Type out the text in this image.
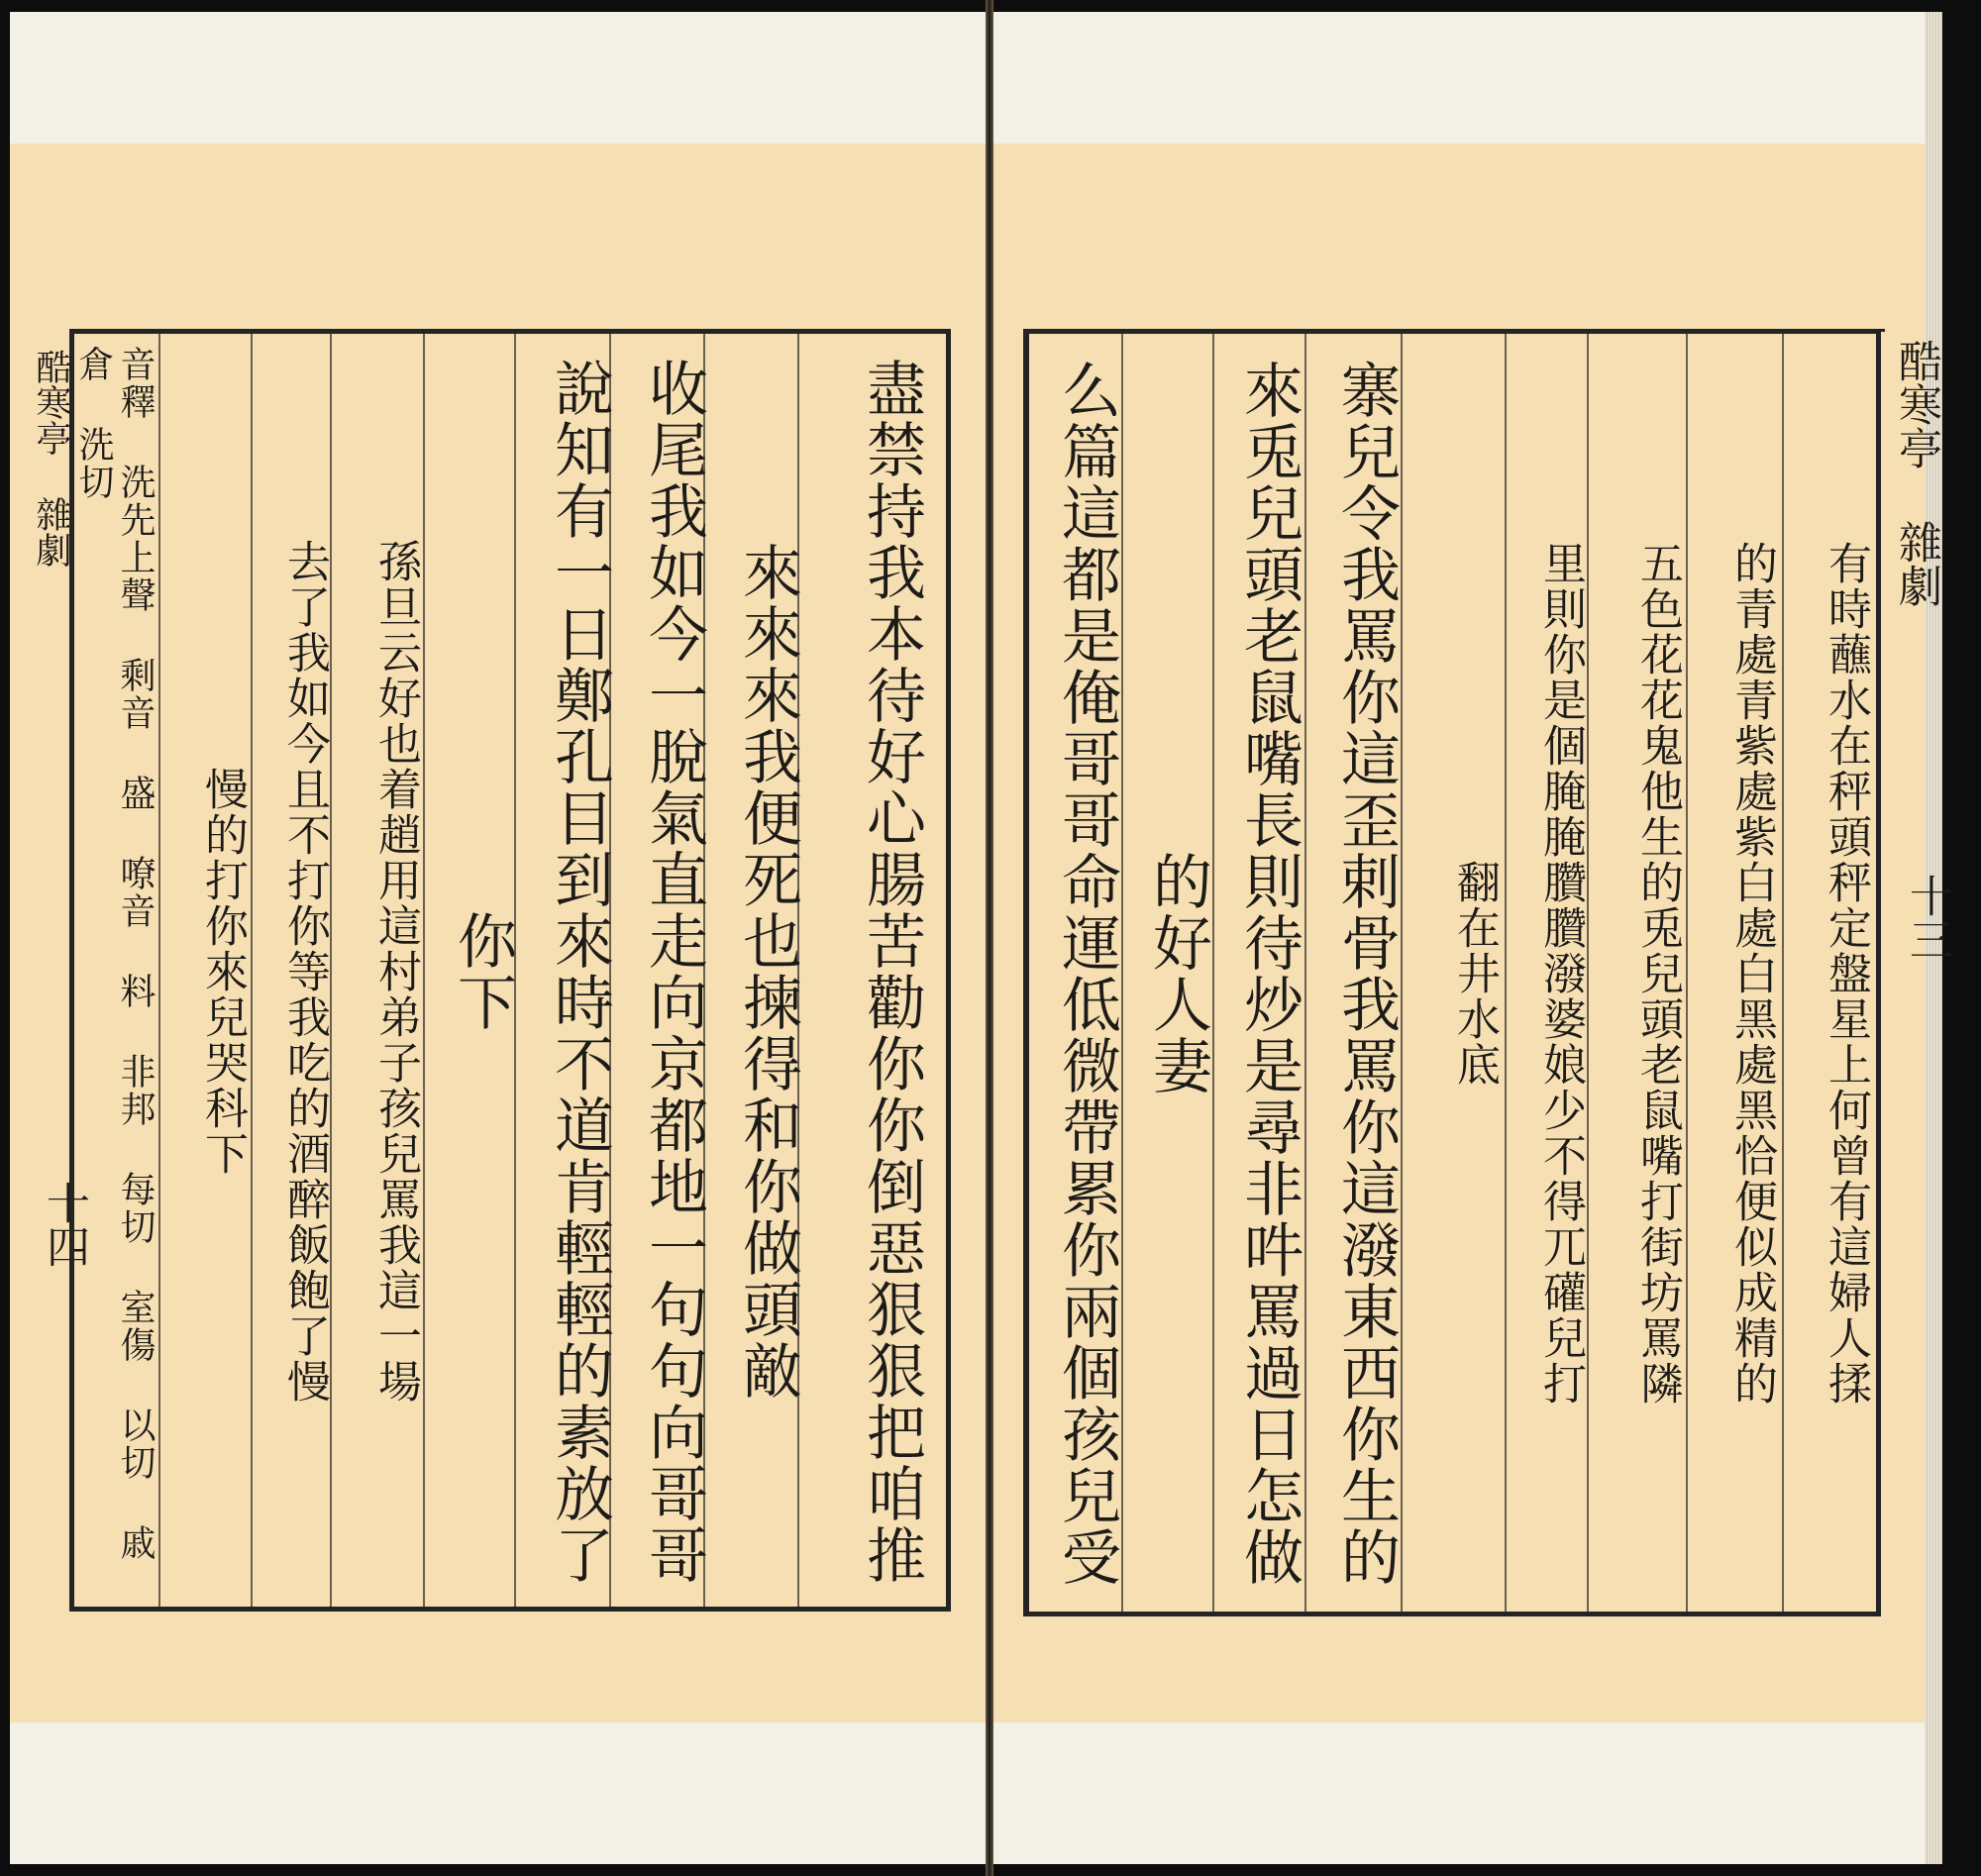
酷寒亭 雜劇
十四	盡禁持我本待好心腸苦勸你你倒惡狠狠把咱推
來來來我便死也揀得和你做頭敵
收尾我如今一脫氣直走向京都地一句句向哥哥
說知有一日鄭孔目到來時不道肯輕輕的素放了
你下
孫旦云好也着趙用這村弟子孩兒罵我這一場
去了我如今且不打你等我吃的酒醉飯飽了慢
慢的打你來兒哭科下
音釋 洗先上聲 剩音 盛 嘹音 料 非邦 每切 室傷 以切 戚倉 洗切	酷寒亭 雜劇
十三
有時蘸水在秤頭秤定盤星上何曾有這婦人揉
的青處青紫處紫白處白黑處黑恰便似成精的
五色花花鬼他生的兎兒頭老鼠嘴打街坊罵隣
里則你是個腌腌臢臢潑婆娘少不得兀礶兒打
翻在井水底
寨兒令我罵你這歪剌骨我罵你這潑東西你生的
來兎兒頭老鼠嘴長則待炒是尋非吽罵過日怎做
的好人妻
么篇這都是俺哥哥命運低微帶累你兩個孩兒受
